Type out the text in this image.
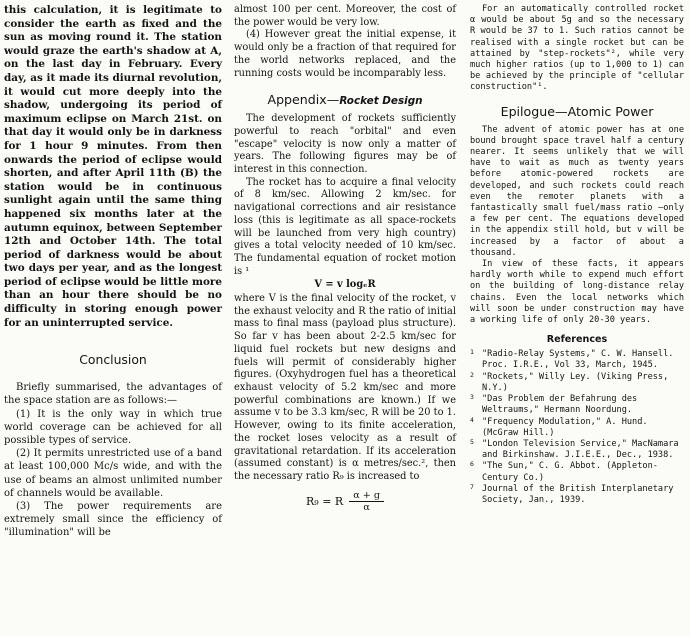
this calculation, it is legitimate to consider the earth as fixed and the sun as moving round it. The station would graze the earth's shadow at A, on the last day in February. Every day, as it made its diurnal revolution, it would cut more deeply into the shadow, undergoing its period of maximum eclipse on March 21st. on that day it would only be in darkness for 1 hour 9 minutes. From then onwards the period of eclipse would shorten, and after April 11th (B) the station would be in continuous sunlight again until the same thing happened six months later at the autumn equinox, between September 12th and October 14th. The total period of darkness would be about two days per year, and as the longest period of eclipse would be little more than an hour there should be no difficulty in storing enough power for an uninterrupted service.

Conclusion

Briefly summarised, the advantages of the space station are as follows:—

(1) It is the only way in which true world coverage can be achieved for all possible types of service.

(2) It permits unrestricted use of a band at least 100,000 Mc/s wide, and with the use of beams an almost unlimited number of channels would be available.

(3) The power requirements are extremely small since the efficiency of "illumination" will be

almost 100 per cent. Moreover, the cost of the power would be very low.

(4) However great the initial expense, it would only be a fraction of that required for the world networks replaced, and the running costs would be incomparably less.

Appendix—Rocket Design

The development of rockets sufficiently powerful to reach "orbital" and even "escape" velocity is now only a matter of years. The following figures may be of interest in this connection.

The rocket has to acquire a final velocity of 8 km/sec. Allowing 2 km/sec. for navigational corrections and air resistance loss (this is legitimate as all space-rockets will be launched from very high country) gives a total velocity needed of 10 km/sec. The fundamental equation of rocket motion is ¹

V = v logₑR

where V is the final velocity of the rocket, v the exhaust velocity and R the ratio of initial mass to final mass (payload plus structure). So far v has been about 2-2.5 km/sec for liquid fuel rockets but new designs and fuels will permit of considerably higher figures. (Oxyhydrogen fuel has a theoretical exhaust velocity of 5.2 km/sec and more powerful combinations are known.) If we assume v to be 3.3 km/sec, R will be 20 to 1. However, owing to its finite acceleration, the rocket loses velocity as a result of gravitational retardation. If its acceleration (assumed constant) is α metres/sec.², then the necessary ratio R₉ is increased to

R₉ = R $\frac{\alpha + g}{\alpha}$

For an automatically controlled rocket α would be about 5g and so the necessary R would be 37 to 1. Such ratios cannot be realised with a single rocket but can be attained by "step-rockets"², while very much higher ratios (up to 1,000 to 1) can be achieved by the principle of "cellular construction"¹.

Epilogue—Atomic Power

The advent of atomic power has at one bound brought space travel half a century nearer. It seems unlikely that we will have to wait as much as twenty years before atomic-powered rockets are developed, and such rockets could reach even the remoter planets with a fantastically small fuel/mass ratio —only a few per cent. The equations developed in the appendix still hold, but v will be increased by a factor of about a thousand.

In view of these facts, it appears hardly worth while to expend much effort on the building of long-distance relay chains. Even the local networks which will soon be under construction may have a working life of only 20-30 years.

References
1 "Radio-Relay Systems," C. W. Hansell. Proc. I.R.E., Vol 33, March, 1945.
2 "Rockets," Willy Ley. (Viking Press, N.Y.)
3 "Das Problem der Befahrung des Weltraums," Hermann Noordung.
4 "Frequency Modulation," A. Hund. (McGraw Hill.)
5 "London Television Service," MacNamara and Birkinshaw. J.I.E.E., Dec., 1938.
6 "The Sun," C. G. Abbot. (Appleton-Century Co.)
7 Journal of the British Interplanetary Society, Jan., 1939.
